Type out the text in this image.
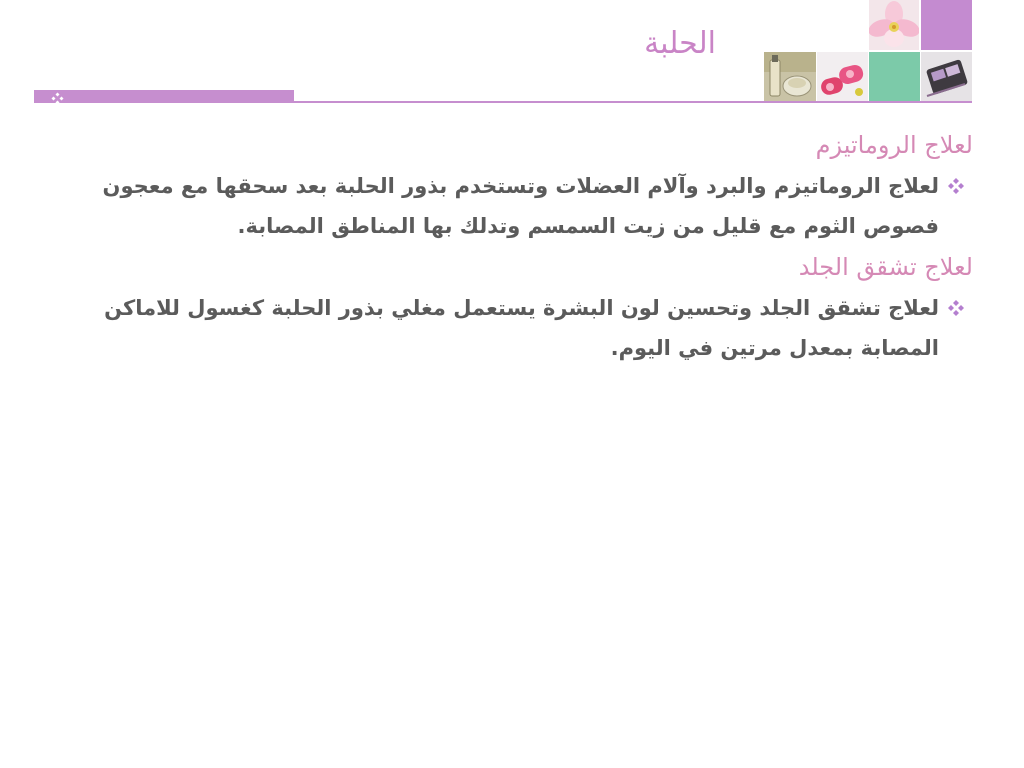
الحلبة

لعلاج الروماتيزم

لعلاج الروماتيزم والبرد وآلام العضلات وتستخدم بذور الحلبة بعد سحقها مع معجون فصوص الثوم مع قليل من زيت السمسم وتدلك بها المناطق المصابة.

لعلاج تشقق الجلد

لعلاج تشقق الجلد وتحسين لون البشرة يستعمل مغلي بذور الحلبة كغسول للاماكن المصابة بمعدل مرتين في اليوم.
